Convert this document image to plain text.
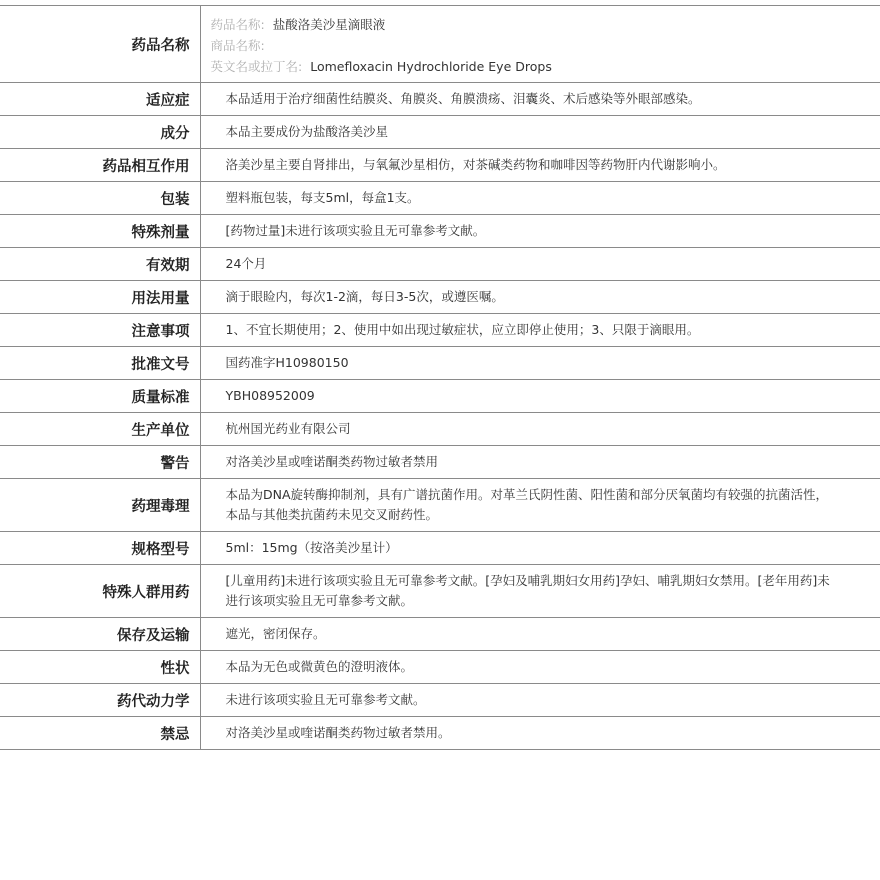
药品名称	药品名称: 盐酸洛美沙星滴眼液
商品名称:
英文名或拉丁名: Lomefloxacin Hydrochloride Eye Drops

适应症	本品适用于治疗细菌性结膜炎、角膜炎、角膜溃疡、泪囊炎、术后感染等外眼部感染。
成分	本品主要成份为盐酸洛美沙星
药品相互作用	洛美沙星主要自肾排出，与氧氟沙星相仿，对茶碱类药物和咖啡因等药物肝内代谢影响小。
包装	塑料瓶包装，每支5ml，每盒1支。
特殊剂量	[药物过量]未进行该项实验且无可靠参考文献。
有效期	24个月
用法用量	滴于眼睑内，每次1-2滴，每日3-5次，或遵医嘱。
注意事项	1、不宜长期使用；2、使用中如出现过敏症状，应立即停止使用；3、只限于滴眼用。
批准文号	国药准字H10980150
质量标准	YBH08952009
生产单位	杭州国光药业有限公司
警告	对洛美沙星或喹诺酮类药物过敏者禁用
药理毒理	本品为DNA旋转酶抑制剂，具有广谱抗菌作用。对革兰氏阴性菌、阳性菌和部分厌氧菌均有较强的抗菌活性，本品与其他类抗菌药未见交叉耐药性。
规格型号	5ml：15mg（按洛美沙星计）
特殊人群用药	[儿童用药]未进行该项实验且无可靠参考文献。[孕妇及哺乳期妇女用药]孕妇、哺乳期妇女禁用。[老年用药]未进行该项实验且无可靠参考文献。
保存及运输	遮光，密闭保存。
性状	本品为无色或微黄色的澄明液体。
药代动力学	未进行该项实验且无可靠参考文献。
禁忌	对洛美沙星或喹诺酮类药物过敏者禁用。
